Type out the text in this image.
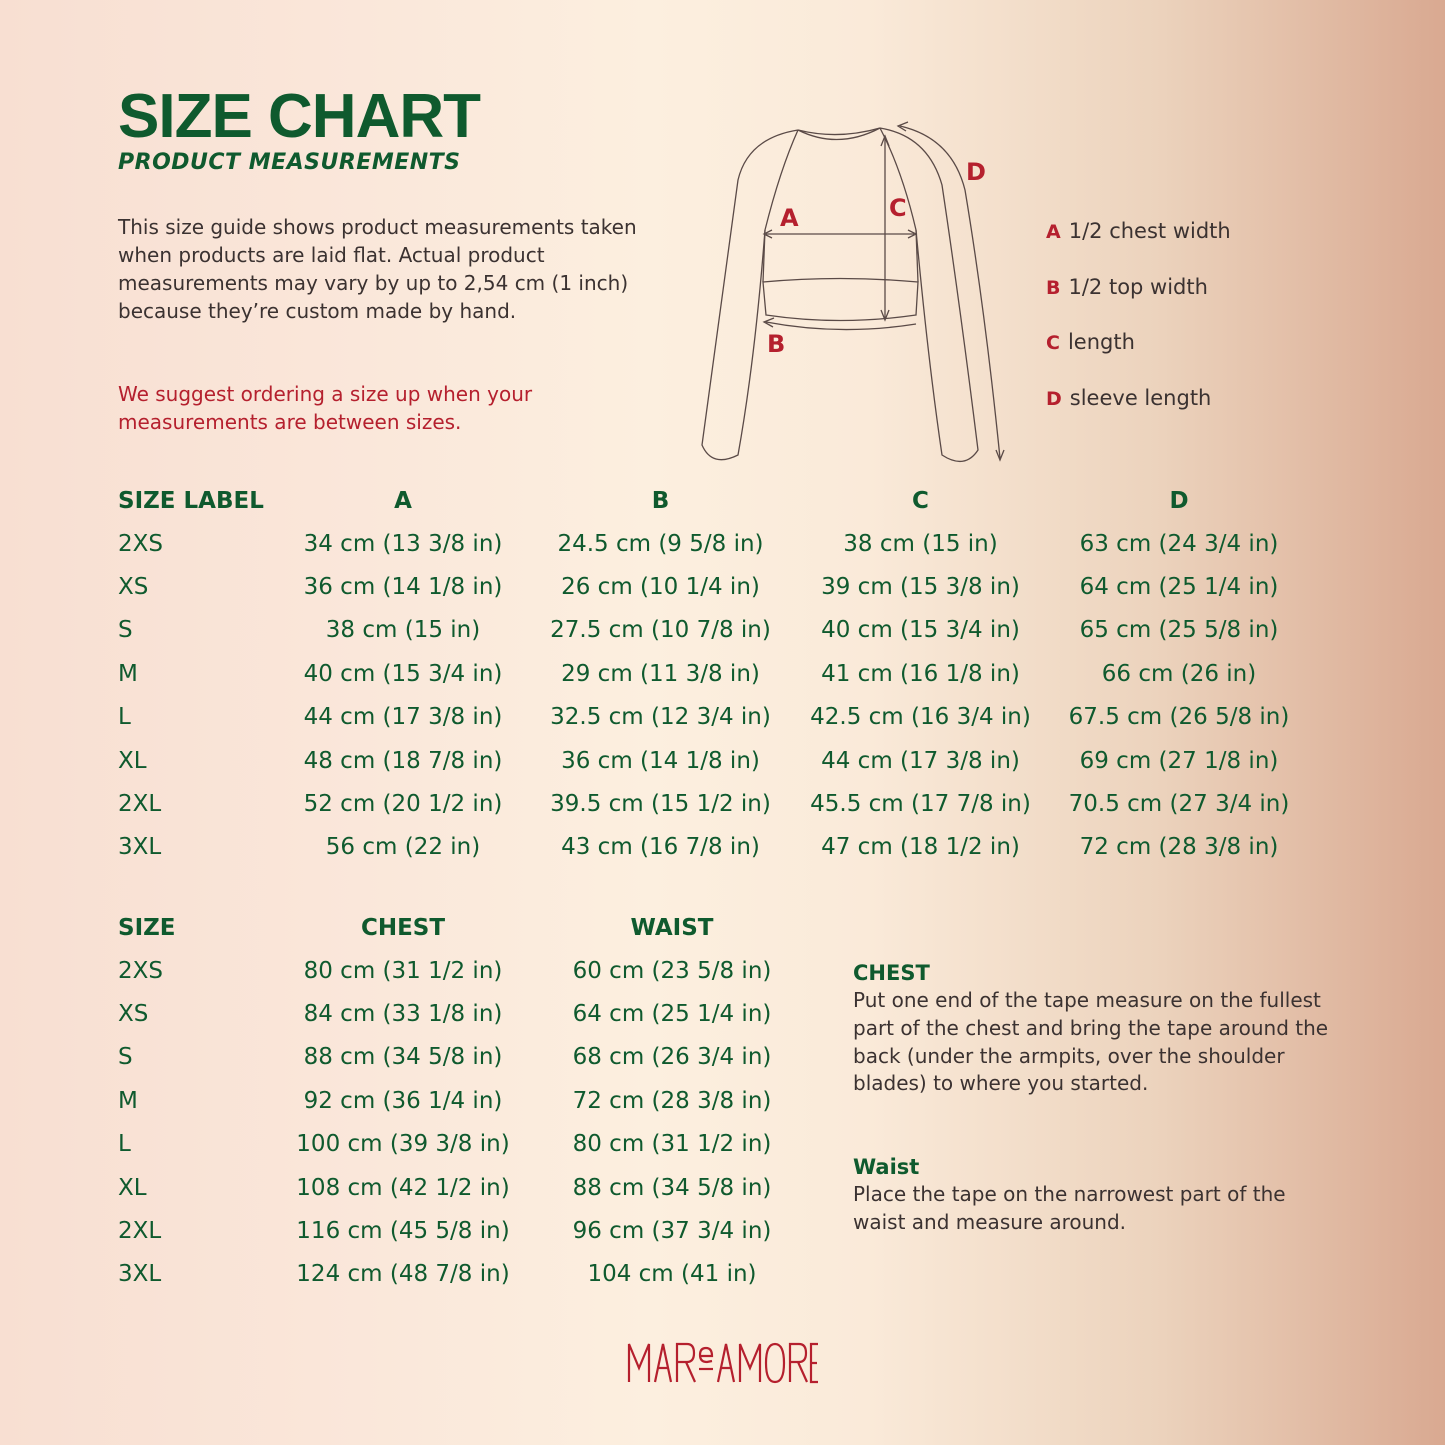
SIZE CHART
PRODUCT MEASUREMENTS

This size guide shows product measurements taken when products are laid flat. Actual product measurements may vary by up to 2,54 cm (1 inch) because they’re custom made by hand.

We suggest ordering a size up when your measurements are between sizes.

A
B
C
D
A 1/2 chest width
B 1/2 top width
C length
D sleeve length
SIZE LABEL	A	B	C	D
2XS	34 cm (13 3/8 in)	24.5 cm (9 5/8 in)	38 cm (15 in)	63 cm (24 3/4 in)
XS	36 cm (14 1/8 in)	26 cm (10 1/4 in)	39 cm (15 3/8 in)	64 cm (25 1/4 in)
S	38 cm (15 in)	27.5 cm (10 7/8 in)	40 cm (15 3/4 in)	65 cm (25 5/8 in)
M	40 cm (15 3/4 in)	29 cm (11 3/8 in)	41 cm (16 1/8 in)	66 cm (26 in)
L	44 cm (17 3/8 in)	32.5 cm (12 3/4 in)	42.5 cm (16 3/4 in)	67.5 cm (26 5/8 in)
XL	48 cm (18 7/8 in)	36 cm (14 1/8 in)	44 cm (17 3/8 in)	69 cm (27 1/8 in)
2XL	52 cm (20 1/2 in)	39.5 cm (15 1/2 in)	45.5 cm (17 7/8 in)	70.5 cm (27 3/4 in)
3XL	56 cm (22 in)	43 cm (16 7/8 in)	47 cm (18 1/2 in)	72 cm (28 3/8 in)
SIZE	CHEST	WAIST
2XS	80 cm (31 1/2 in)	60 cm (23 5/8 in)
XS	84 cm (33 1/8 in)	64 cm (25 1/4 in)
S	88 cm (34 5/8 in)	68 cm (26 3/4 in)
M	92 cm (36 1/4 in)	72 cm (28 3/8 in)
L	100 cm (39 3/8 in)	80 cm (31 1/2 in)
XL	108 cm (42 1/2 in)	88 cm (34 5/8 in)
2XL	116 cm (45 5/8 in)	96 cm (37 3/4 in)
3XL	124 cm (48 7/8 in)	104 cm (41 in)
CHEST

Put one end of the tape measure on the fullest part of the chest and bring the tape around the back (under the armpits, over the shoulder blades) to where you started.

Waist

Place the tape on the narrowest part of the waist and measure around.
